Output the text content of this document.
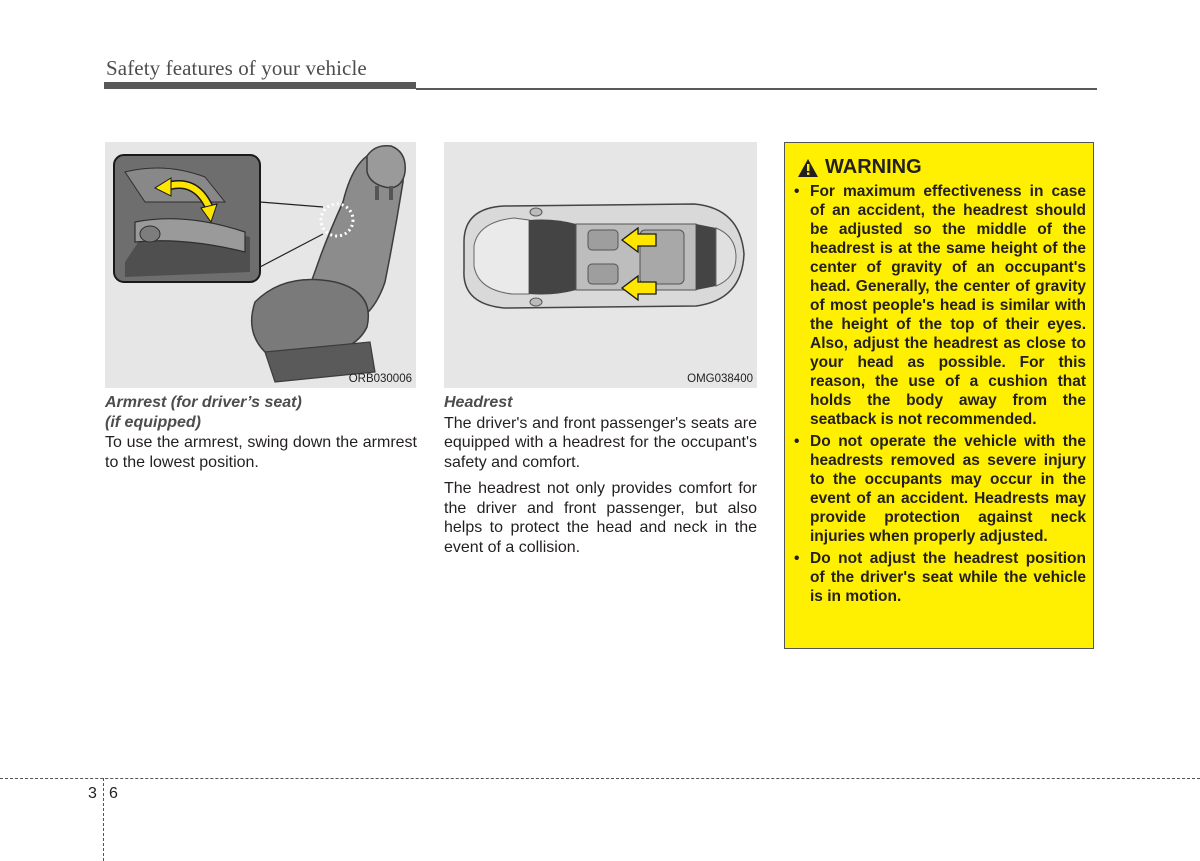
Safety features of your vehicle
ORB030006	OMG038400

Armrest (for driver’s seat)

(if equipped)

To use the armrest, swing down the armrest to the lowest position.

Headrest

The driver's and front passenger's seats are equipped with a headrest for the occupant's safety and comfort.

The headrest not only provides comfort for the driver and front passenger, but also helps to protect the head and neck in the event of a collision.

WARNING
• For maximum effectiveness in case of an accident, the headrest should be adjusted so the middle of the headrest is at the same height of the center of gravity of an occupant's head. Generally, the center of gravity of most people's head is similar with the height of the top of their eyes. Also, adjust the headrest as close to your head as possible. For this reason, the use of a cushion that holds the body away from the seatback is not recommended.
• Do not operate the vehicle with the headrests removed as severe injury to the occupants may occur in the event of an accident. Headrests may provide protection against neck injuries when properly adjusted.
• Do not adjust the headrest position of the driver's seat while the vehicle is in motion.
3 6
